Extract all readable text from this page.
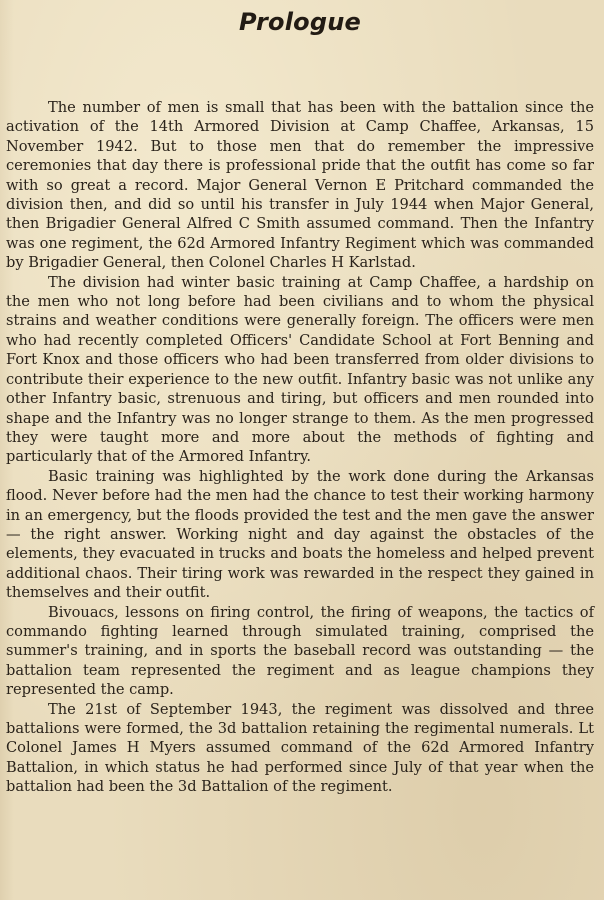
Prologue

The number of men is small that has been with the battalion since the activation of the 14th Armored Division at Camp Chaffee, Arkansas, 15 November 1942. But to those men that do remember the impressive ceremonies that day there is professional pride that the outfit has come so far with so great a record. Major General Vernon E Pritchard commanded the division then, and did so until his transfer in July 1944 when Major General, then Brigadier General Alfred C Smith assumed command. Then the Infantry was one regiment, the 62d Armored Infantry Regiment which was commanded by Brigadier General, then Colonel Charles H Karlstad.

The division had winter basic training at Camp Chaffee, a hardship on the men who not long before had been civilians and to whom the physical strains and weather conditions were generally foreign. The officers were men who had recently completed Officers' Candidate School at Fort Benning and Fort Knox and those officers who had been transferred from older divisions to contribute their experience to the new outfit. Infantry basic was not unlike any other Infantry basic, strenuous and tiring, but officers and men rounded into shape and the Infantry was no longer strange to them. As the men progressed they were taught more and more about the methods of fighting and particularly that of the Armored Infantry.

Basic training was highlighted by the work done during the Arkansas flood. Never before had the men had the chance to test their working harmony in an emergency, but the floods provided the test and the men gave the answer — the right answer. Working night and day against the obstacles of the elements, they evacuated in trucks and boats the homeless and helped prevent additional chaos. Their tiring work was rewarded in the respect they gained in themselves and their outfit.

Bivouacs, lessons on firing control, the firing of weapons, the tactics of commando fighting learned through simulated training, comprised the summer's training, and in sports the baseball record was outstanding — the battalion team represented the regiment and as league champions they represented the camp.

The 21st of September 1943, the regiment was dissolved and three battalions were formed, the 3d battalion retaining the regimental numerals. Lt Colonel James H Myers assumed command of the 62d Armored Infantry Battalion, in which status he had performed since July of that year when the battalion had been the 3d Battalion of the regiment.
